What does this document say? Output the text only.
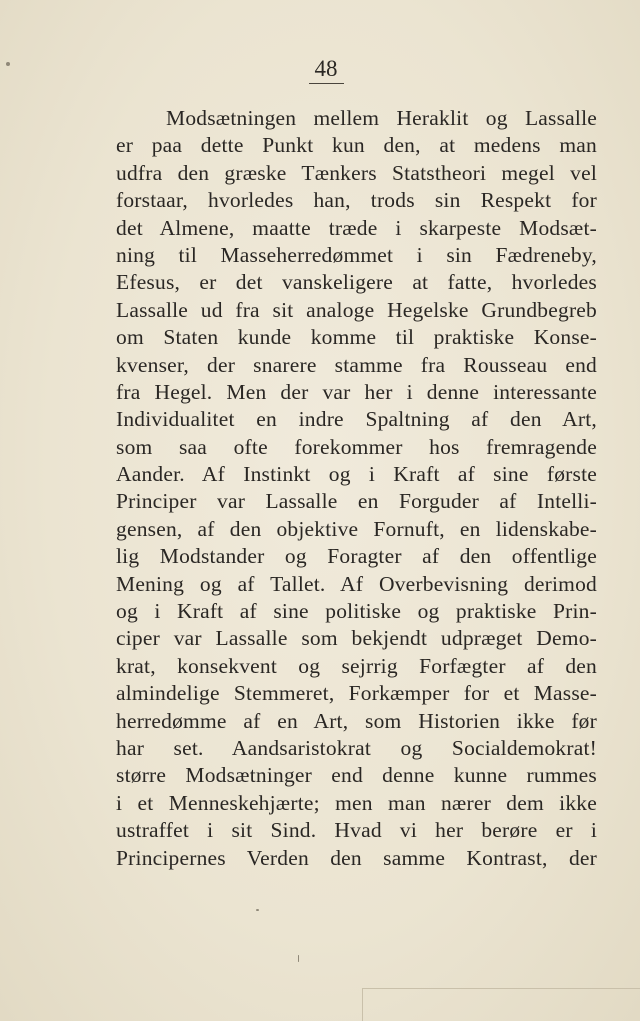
48
Modsætningen mellem Heraklit og Lassalle
er paa dette Punkt kun den, at medens man
udfra den græske Tænkers Statstheori megel vel
forstaar, hvorledes han, trods sin Respekt for
det Almene, maatte træde i skarpeste Modsæt-
ning til Masseherredømmet i sin Fædreneby,
Efesus, er det vanskeligere at fatte, hvorledes
Lassalle ud fra sit analoge Hegelske Grundbegreb
om Staten kunde komme til praktiske Konse-
kvenser, der snarere stamme fra Rousseau end
fra Hegel. Men der var her i denne interessante
Individualitet en indre Spaltning af den Art,
som saa ofte forekommer hos fremragende
Aander. Af Instinkt og i Kraft af sine første
Principer var Lassalle en Forguder af Intelli-
gensen, af den objektive Fornuft, en lidenskabe-
lig Modstander og Foragter af den offentlige
Mening og af Tallet. Af Overbevisning derimod
og i Kraft af sine politiske og praktiske Prin-
ciper var Lassalle som bekjendt udpræget Demo-
krat, konsekvent og sejrrig Forfægter af den
almindelige Stemmeret, Forkæmper for et Masse-
herredømme af en Art, som Historien ikke før
har set. Aandsaristokrat og Socialdemokrat!
større Modsætninger end denne kunne rummes
i et Menneskehjærte; men man nærer dem ikke
ustraffet i sit Sind. Hvad vi her berøre er i
Principernes Verden den samme Kontrast, der
